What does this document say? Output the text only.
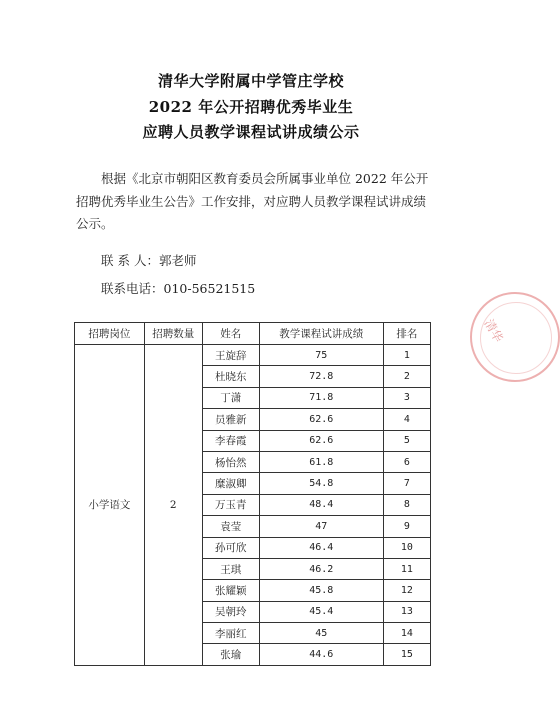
清华大学附属中学管庄学校
2022 年公开招聘优秀毕业生
应聘人员教学课程试讲成绩公示
根据《北京市朝阳区教育委员会所属事业单位 2022 年公开招聘优秀毕业生公告》工作安排，对应聘人员教学课程试讲成绩公示。
联 系 人：郭老师
联系电话：010-56521515
清华
招聘岗位	招聘数量	姓名	教学课程试讲成绩	排名
小学语文	2	王旋辞	75	1
		杜晓东	72.8	2
		丁潇	71.8	3
		员雅新	62.6	4
		李春霞	62.6	5
		杨怡然	61.8	6
		糜淑卿	54.8	7
		万玉青	48.4	8
		袁莹	47	9
		孙可欣	46.4	10
		王琪	46.2	11
		张耀颖	45.8	12
		吴朝玲	45.4	13
		李丽红	45	14
		张瑜	44.6	15
